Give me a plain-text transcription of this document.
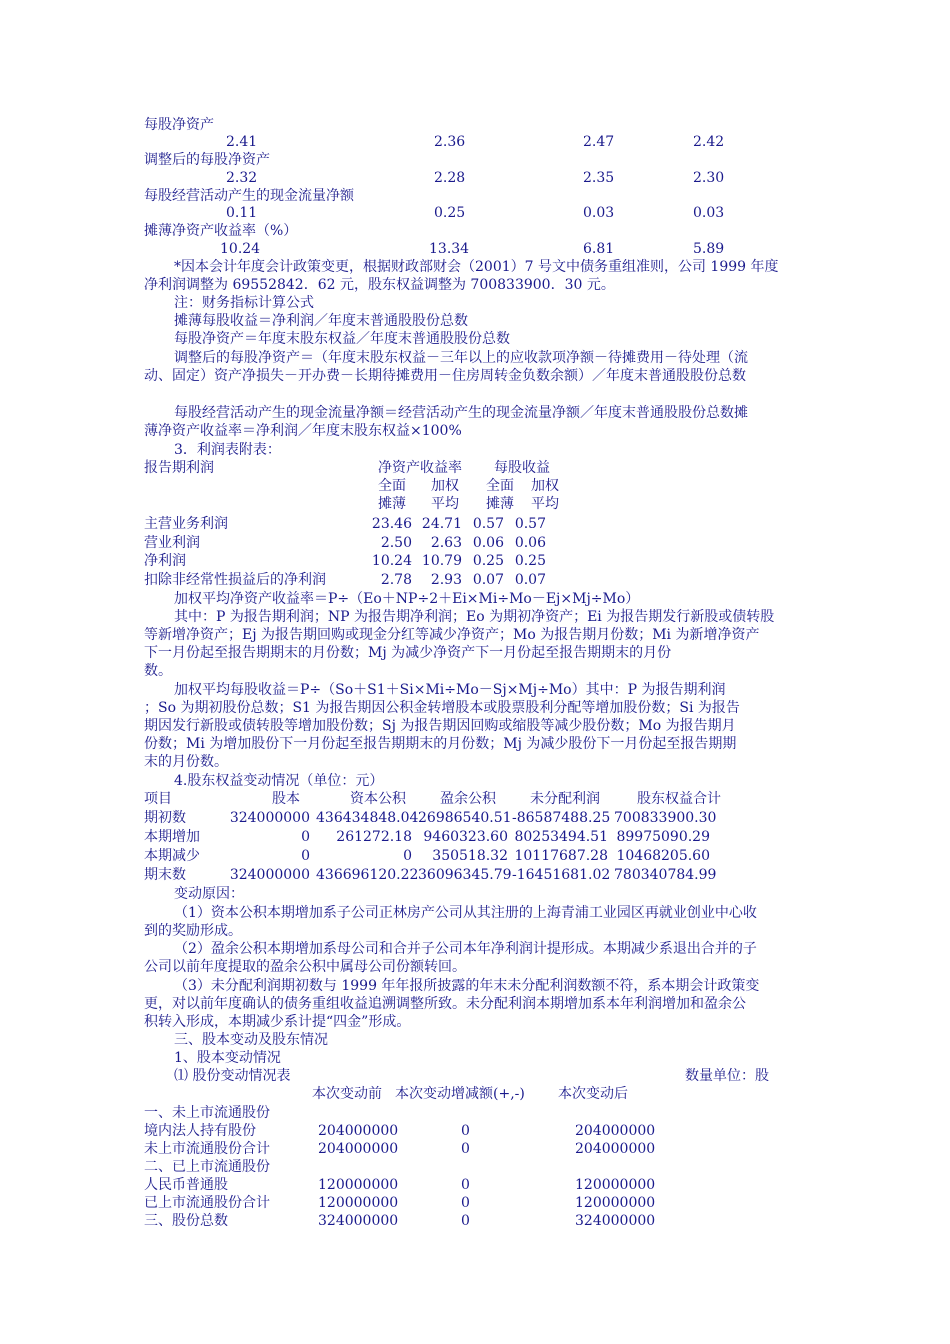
每股净资产
2.41	2.36	2.47	2.42
调整后的每股净资产
2.32	2.28	2.35	2.30
每股经营活动产生的现金流量净额
0.11	0.25	0.03	0.03
摊薄净资产收益率（%）
10.24	13.34	6.81	5.89
*因本会计年度会计政策变更，根据财政部财会（2001）7 号文中债务重组准则，公司 1999 年度
净利润调整为 69552842．62 元，股东权益调整为 700833900．30 元。
注：财务指标计算公式
摊薄每股收益＝净利润／年度末普通股股份总数
每股净资产＝年度末股东权益／年度末普通股股份总数
调整后的每股净资产＝（年度末股东权益－三年以上的应收款项净额－待摊费用－待处理（流
动、固定）资产净损失－开办费－长期待摊费用－住房周转金负数余额）／年度末普通股股份总数
每股经营活动产生的现金流量净额＝经营活动产生的现金流量净额／年度末普通股股份总数摊
薄净资产收益率＝净利润／年度末股东权益×100%
3．利润表附表：
报告期利润	净资产收益率 每股收益
全面 加权 全面 加权
摊薄 平均 摊薄 平均
主营业务利润	23.46 24.71 0.57 0.57
营业利润	2.50	2.63 0.06 0.06
净利润	10.24 10.79 0.25 0.25
扣除非经常性损益后的净利润	2.78	2.93 0.07 0.07
加权平均净资产收益率＝P÷（Eo＋NP÷2＋Ei×Mi÷Mo－Ej×Mj÷Mo）
其中：P 为报告期利润；NP 为报告期净利润；Eo 为期初净资产；Ei 为报告期发行新股或债转股
等新增净资产；Ej 为报告期回购或现金分红等减少净资产；Mo 为报告期月份数；Mi 为新增净资产
下一月份起至报告期期末的月份数；Mj 为减少净资产下一月份起至报告期期末的月份
数。
加权平均每股收益＝P÷（So＋S1＋Si×Mi÷Mo－Sj×Mj÷Mo）其中：P 为报告期利润
；So 为期初股份总数；S1 为报告期因公积金转增股本或股票股利分配等增加股份数；Si 为报告
期因发行新股或债转股等增加股份数；Sj 为报告期因回购或缩股等减少股份数；Mo 为报告期月
份数；Mi 为增加股份下一月份起至报告期期末的月份数；Mj 为减少股份下一月份起至报告期期
末的月份数。
4.股东权益变动情况（单位：元）
项目	股本	资本公积 盈余公积 未分配利润	股东权益合计
期初数	324000000 436434848.04 26986540.51 -86587488.25 700833900.30
本期增加	0	261272.18 9460323.60 80253494.51 89975090.29
本期减少	0	0	350518.32 10117687.28 10468205.60
期末数	324000000 436696120.22 36096345.79 -16451681.02 780340784.99
变动原因：
（1）资本公积本期增加系子公司正林房产公司从其注册的上海青浦工业园区再就业创业中心收
到的奖励形成。
（2）盈余公积本期增加系母公司和合并子公司本年净利润计提形成。本期减少系退出合并的子
公司以前年度提取的盈余公积中属母公司份额转回。
（3）未分配利润期初数与 1999 年年报所披露的年末未分配利润数额不符，系本期会计政策变
更，对以前年度确认的债务重组收益追溯调整所致。未分配利润本期增加系本年利润增加和盈余公
积转入形成，本期减少系计提“四金”形成。
三、股本变动及股东情况
1、股本变动情况
⑴ 股份变动情况表	数量单位：股
本次变动前 本次变动增减额(+,-) 本次变动后
一、未上市流通股份
境内法人持有股份	204000000	0	204000000
未上市流通股份合计	204000000	0	204000000
二、已上市流通股份
人民币普通股	120000000	0	120000000
已上市流通股份合计	120000000	0	120000000
三、股份总数	324000000	0	324000000
